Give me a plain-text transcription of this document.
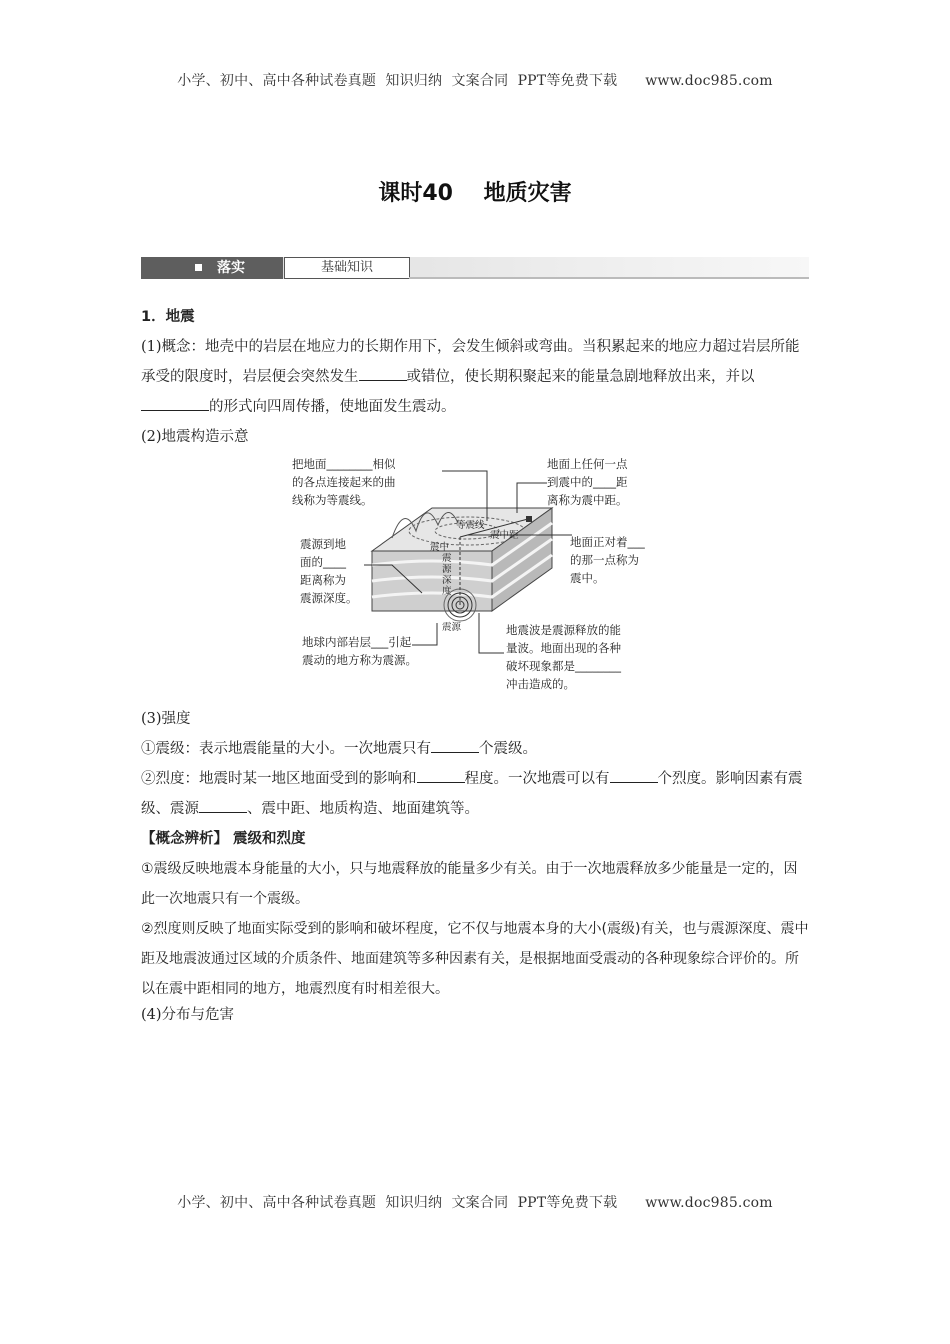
小学、初中、高中各种试卷真题  知识归纳  文案合同  PPT等免费下载      www.doc985.com
课时40    地质灾害
落实	基础知识
1．地震
(1)概念：地壳中的岩层在地应力的长期作用下，会发生倾斜或弯曲。当积累起来的地应力超过岩层所能承受的限度时，岩层便会突然发生	或错位，使长期积聚起来的能量急剧地释放出来，并以的形式向四周传播，使地面发生震动。
(2)地震构造示意
把地面________相似
的各点连接起来的曲
线称为等震线。
地面上任何一点
到震中的____距
离称为震中距。
震源到地
面的____
距离称为
震源深度。
地面正对着___
的那一点称为
震中。
地球内部岩层___引起
震动的地方称为震源。
地震波是震源释放的能
量波。地面出现的各种
破坏现象都是________
冲击造成的。
等震线
震中
震中距
震
源
深
度
震源
(3)强度
①震级：表示地震能量的大小。一次地震只有	个震级。
②烈度：地震时某一地区地面受到的影响和	程度。一次地震可以有	个烈度。影响因素有震级、震源	、震中距、地质构造、地面建筑等。
【概念辨析】 震级和烈度
①震级反映地震本身能量的大小，只与地震释放的能量多少有关。由于一次地震释放多少能量是一定的，因此一次地震只有一个震级。
②烈度则反映了地面实际受到的影响和破坏程度，它不仅与地震本身的大小(震级)有关，也与震源深度、震中距及地震波通过区域的介质条件、地面建筑等多种因素有关，是根据地面受震动的各种现象综合评价的。所以在震中距相同的地方，地震烈度有时相差很大。
(4)分布与危害
小学、初中、高中各种试卷真题  知识归纳  文案合同  PPT等免费下载      www.doc985.com
